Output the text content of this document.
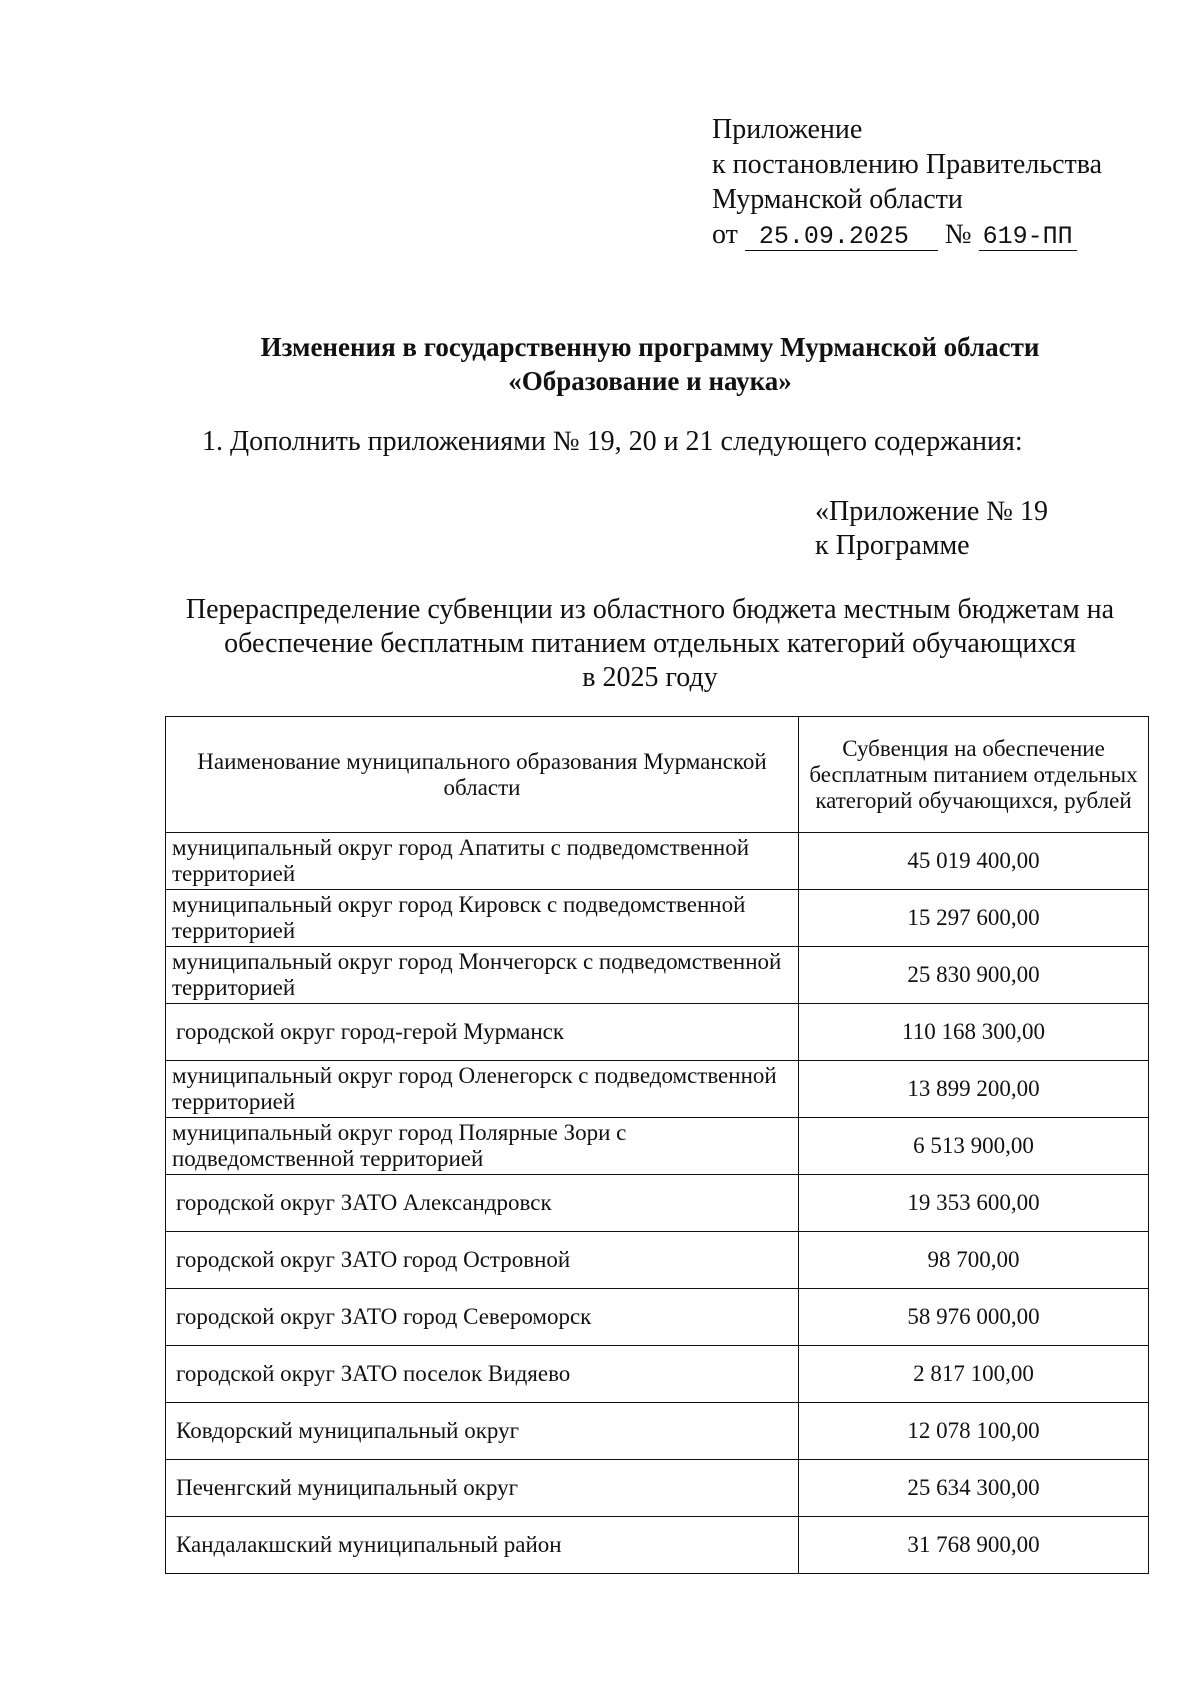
Приложение
к постановлению Правительства
Мурманской области
от 25.09.2025 № 619-ПП
Изменения в государственную программу Мурманской области
«Образование и наука»
1. Дополнить приложениями № 19, 20 и 21 следующего содержания:
«Приложение № 19
к Программе
Перераспределение субвенции из областного бюджета местным бюджетам на
обеспечение бесплатным питанием отдельных категорий обучающихся
в 2025 году
Наименование муниципального образования Мурманской области	Субвенция на обеспечение бесплатным питанием отдельных категорий обучающихся, рублей
муниципальный округ город Апатиты с подведомственной территорией	45 019 400,00
муниципальный округ город Кировск с подведомственной территорией	15 297 600,00
муниципальный округ город Мончегорск с подведомственной территорией	25 830 900,00
городской округ город-герой Мурманск	110 168 300,00
муниципальный округ город Оленегорск с подведомственной территорией	13 899 200,00
муниципальный округ город Полярные Зори с подведомственной территорией	6 513 900,00
городской округ ЗАТО Александровск	19 353 600,00
городской округ ЗАТО город Островной	98 700,00
городской округ ЗАТО город Североморск	58 976 000,00
городской округ ЗАТО поселок Видяево	2 817 100,00
Ковдорский муниципальный округ	12 078 100,00
Печенгский муниципальный округ	25 634 300,00
Кандалакшский муниципальный район	31 768 900,00
